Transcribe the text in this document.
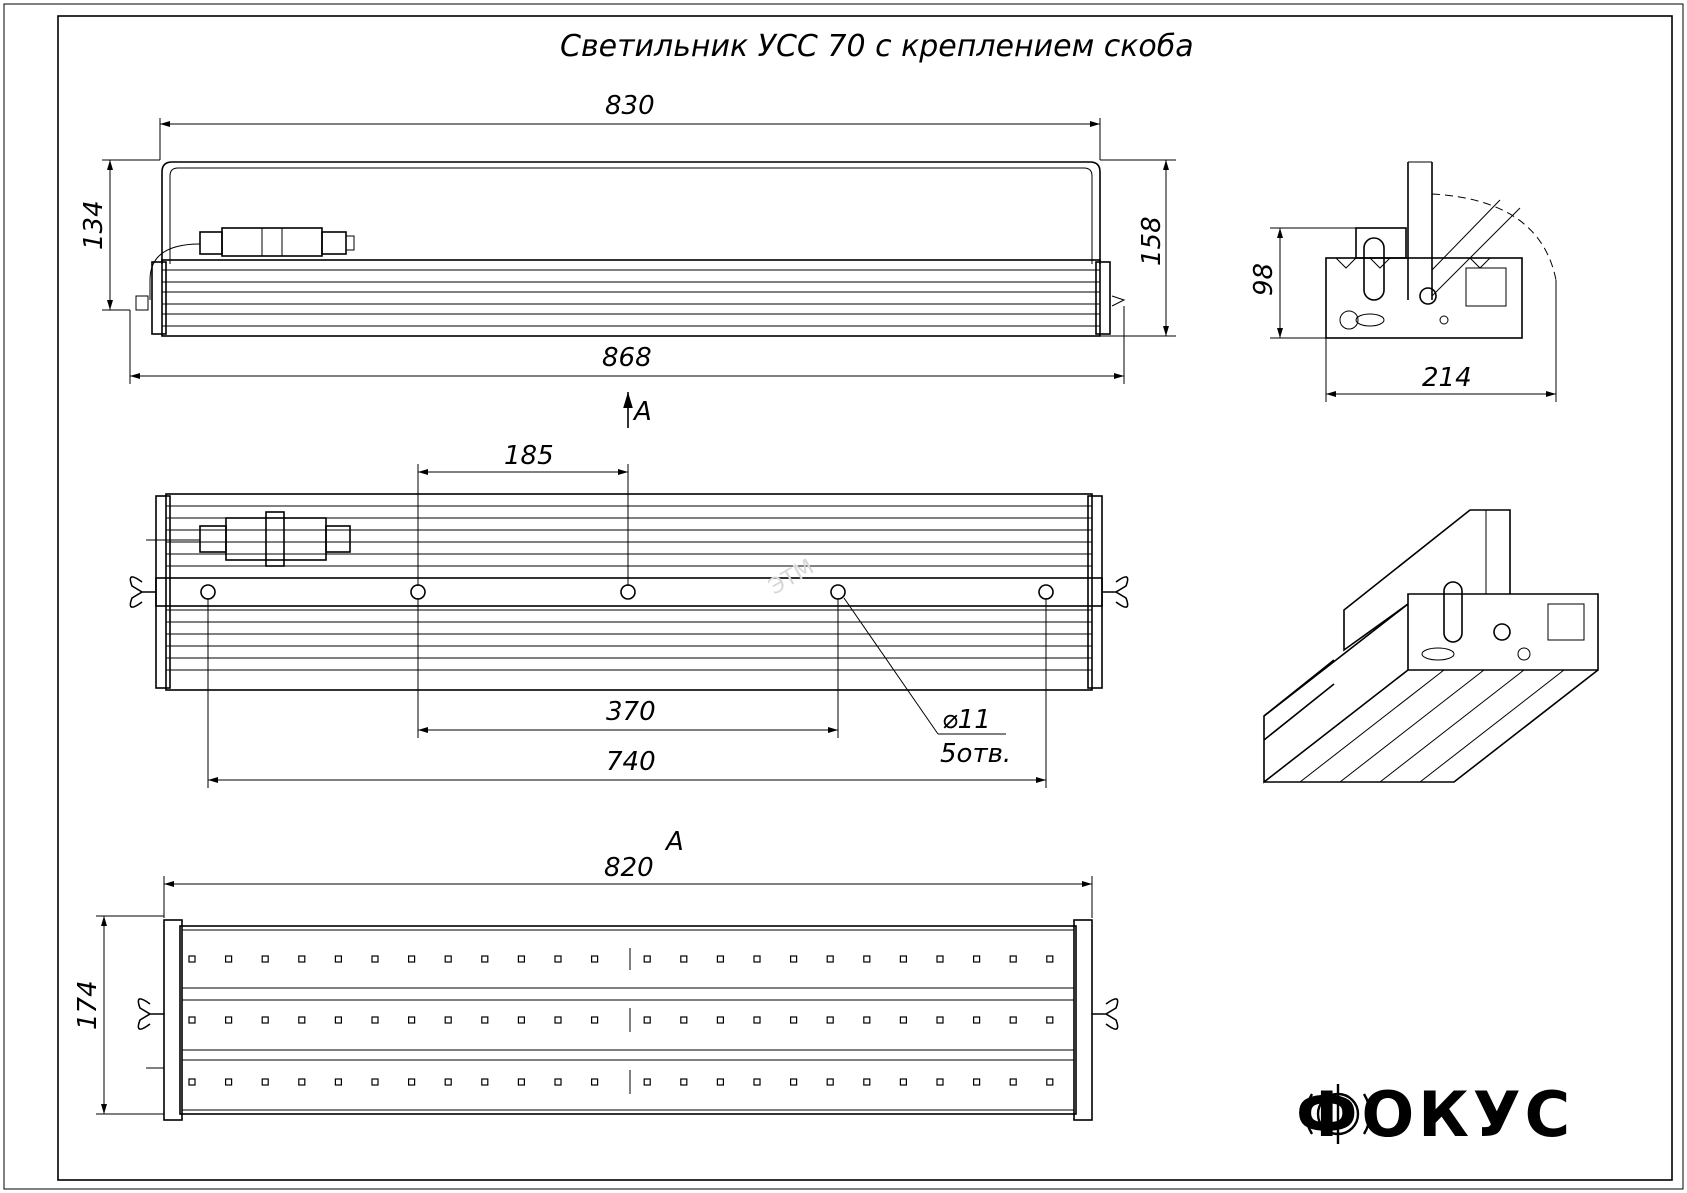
Светильник УСС 70 с креплением скоба
830
134	158
868
A
98
214
185
370
740
⌀11
5отв.
ЭТМ
820
A
174
ФОКУС
